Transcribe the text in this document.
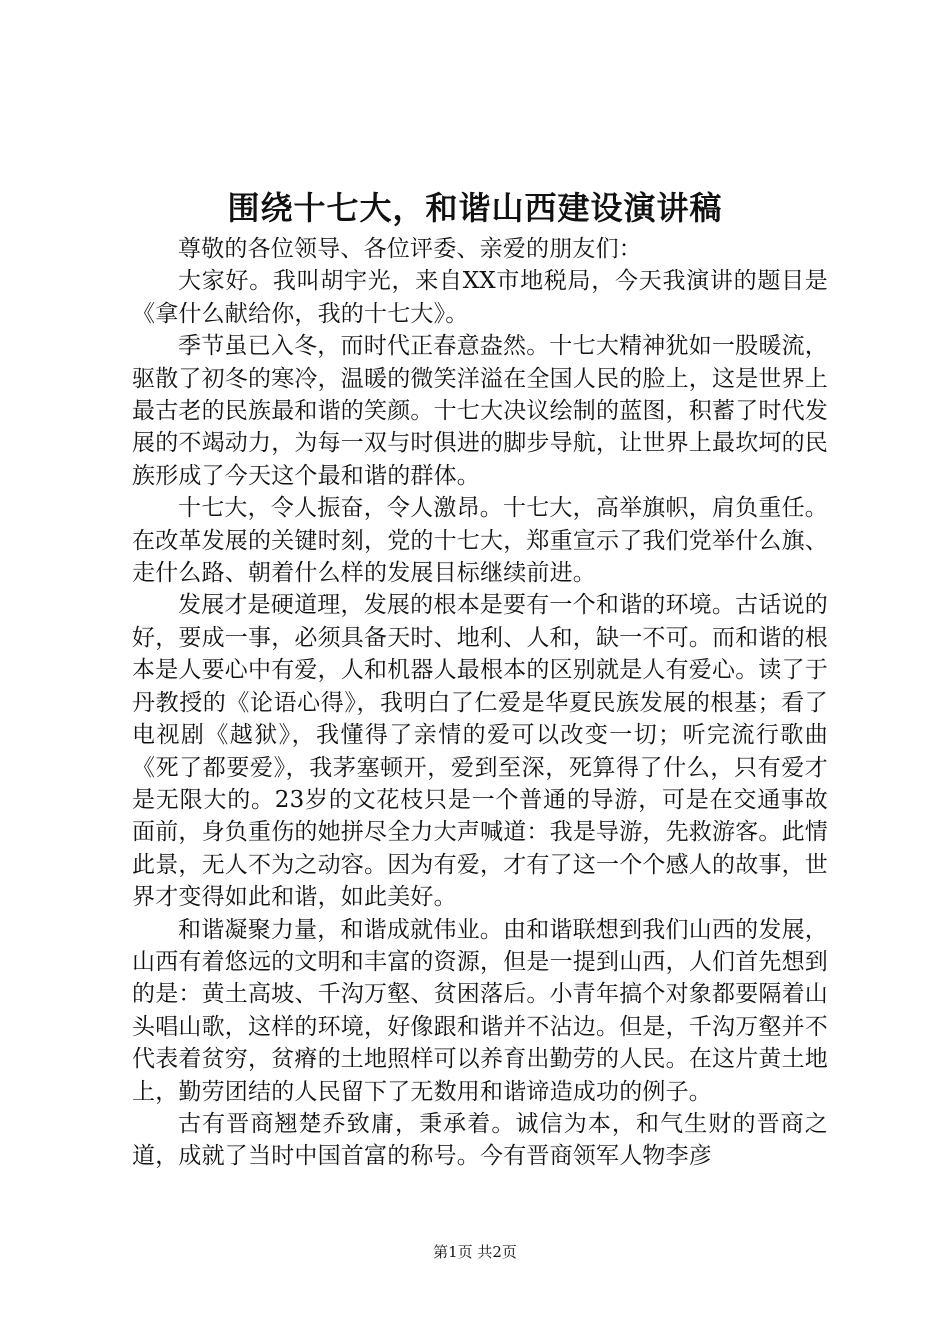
围绕十七大，和谐山西建设演讲稿

尊敬的各位领导、各位评委、亲爱的朋友们：

大家好。我叫胡宇光，来自XX市地税局，今天我演讲的题目是《拿什么献给你，我的十七大》。

季节虽已入冬，而时代正春意盎然。十七大精神犹如一股暖流，驱散了初冬的寒冷，温暖的微笑洋溢在全国人民的脸上，这是世界上最古老的民族最和谐的笑颜。十七大决议绘制的蓝图，积蓄了时代发展的不竭动力，为每一双与时俱进的脚步导航，让世界上最坎坷的民族形成了今天这个最和谐的群体。

十七大，令人振奋，令人激昂。十七大，高举旗帜，肩负重任。在改革发展的关键时刻，党的十七大，郑重宣示了我们党举什么旗、走什么路、朝着什么样的发展目标继续前进。

发展才是硬道理，发展的根本是要有一个和谐的环境。古话说的好，要成一事，必须具备天时、地利、人和，缺一不可。而和谐的根本是人要心中有爱，人和机器人最根本的区别就是人有爱心。读了于丹教授的《论语心得》，我明白了仁爱是华夏民族发展的根基；看了电视剧《越狱》，我懂得了亲情的爱可以改变一切；听完流行歌曲《死了都要爱》，我茅塞顿开，爱到至深，死算得了什么，只有爱才是无限大的。23岁的文花枝只是一个普通的导游，可是在交通事故面前，身负重伤的她拼尽全力大声喊道：我是导游，先救游客。此情此景，无人不为之动容。因为有爱，才有了这一个个感人的故事，世界才变得如此和谐，如此美好。

和谐凝聚力量，和谐成就伟业。由和谐联想到我们山西的发展，山西有着悠远的文明和丰富的资源，但是一提到山西，人们首先想到的是：黄土高坡、千沟万壑、贫困落后。小青年搞个对象都要隔着山头唱山歌，这样的环境，好像跟和谐并不沾边。但是，千沟万壑并不代表着贫穷，贫瘠的土地照样可以养育出勤劳的人民。在这片黄土地上，勤劳团结的人民留下了无数用和谐谛造成功的例子。

古有晋商翘楚乔致庸，秉承着。诚信为本，和气生财的晋商之道，成就了当时中国首富的称号。今有晋商领军人物李彦

第1页 共2页
